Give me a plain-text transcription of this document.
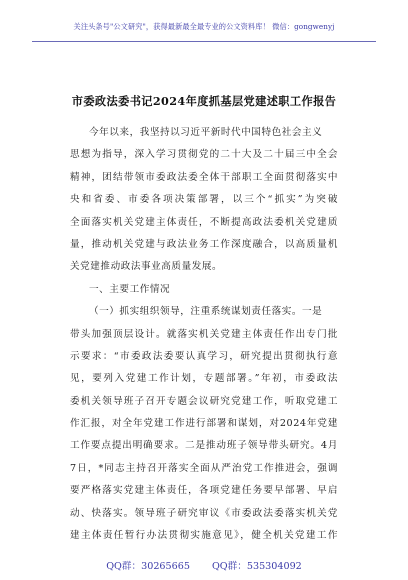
关注头条号"公文研究"，获得最新最全最专业的公文资料库！ 微信：gongwenyj
市委政法委书记2024年度抓基层党建述职工作报告
今年以来，我坚持以习近平新时代中国特色社会主义
思想为指导，深入学习贯彻党的二十大及二十届三中全会
精神，团结带领市委政法委全体干部职工全面贯彻落实中
央和省委、市委各项决策部署，以三个“抓实”为突破
全面落实机关党建主体责任，不断提高政法委机关党建质
量，推动机关党建与政法业务工作深度融合，以高质量机
关党建推动政法事业高质量发展。
一、主要工作情况
（一）抓实组织领导，注重系统谋划责任落实。一是
带头加强顶层设计。就落实机关党建主体责任作出专门批
示要求：“市委政法委要认真学习，研究提出贯彻执行意
见，要列入党建工作计划，专题部署。”年初，市委政法
委机关领导班子召开专题会议研究党建工作，听取党建工
作汇报，对全年党建工作进行部署和谋划，对2024年党建
工作要点提出明确要求。二是推动班子领导带头研究。4月
7日，*同志主持召开落实全面从严治党工作推进会，强调
要严格落实党建主体责任，各项党建任务要早部署、早启
动、快落实。领导班子研究审议《市委政法委落实机关党
建主体责任暂行办法贯彻实施意见》，健全机关党建工作
QQ群：30265665 QQ群：535304092
